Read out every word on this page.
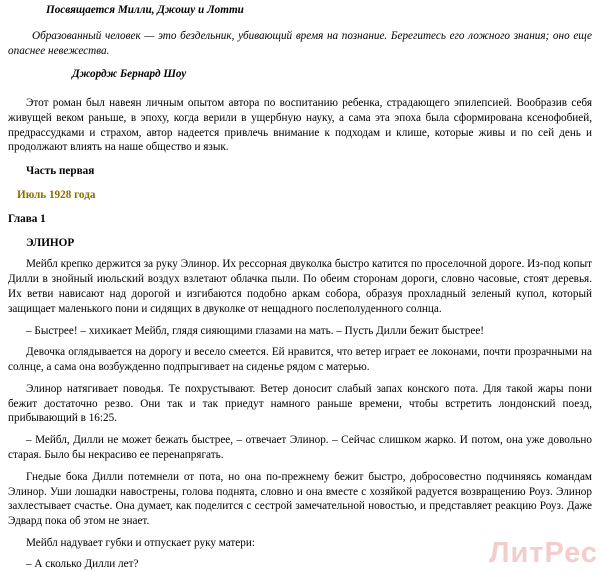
Посвящается Милли, Джошу и Лотти

Образованный человек — это бездельник, убивающий время на познание. Берегитесь его ложного знания; оно еще опаснее невежества.

Джордж Бернард Шоу

Этот роман был навеян личным опытом автора по воспитанию ребенка, страдающего эпилепсией. Вообразив себя живущей веком раньше, в эпоху, когда верили в ущербную науку, а сама эта эпоха была сформирована ксенофобией, предрассудками и страхом, автор надеется привлечь внимание к подходам и клише, которые живы и по сей день и продолжают влиять на наше общество и язык.

Часть первая

Июль 1928 года

Глава 1

ЭЛИНОР

Мейбл крепко держится за руку Элинор. Их рессорная двуколка быстро катится по проселочной дороге. Из-под копыт Дилли в знойный июльский воздух взлетают облачка пыли. По обеим сторонам дороги, словно часовые, стоят деревья. Их ветви нависают над дорогой и изгибаются подобно аркам собора, образуя прохладный зеленый купол, который защищает маленького пони и сидящих в двуколке от нещадного послеполуденного солнца.

– Быстрее! – хихикает Мейбл, глядя сияющими глазами на мать. – Пусть Дилли бежит быстрее!

Девочка оглядывается на дорогу и весело смеется. Ей нравится, что ветер играет ее локонами, почти прозрачными на солнце, а сама она возбужденно подпрыгивает на сиденье рядом с матерью.

Элинор натягивает поводья. Те похрустывают. Ветер доносит слабый запах конского пота. Для такой жары пони бежит достаточно резво. Они так и так приедут намного раньше времени, чтобы встретить лондонский поезд, прибывающий в 16:25.

– Мейбл, Дилли не может бежать быстрее, – отвечает Элинор. – Сейчас слишком жарко. И потом, она уже довольно старая. Было бы некрасиво ее перенапрягать.

Гнедые бока Дилли потемнели от пота, но она по-прежнему бежит быстро, добросовестно подчиняясь командам Элинор. Уши лошадки навострены, голова поднята, словно и она вместе с хозяйкой радуется возвращению Роуз. Элинор захлестывает счастье. Она думает, как поделится с сестрой замечательной новостью, и представляет реакцию Роуз. Даже Эдвард пока об этом не знает.

Мейбл надувает губки и отпускает руку матери:

– А сколько Дилли лет?	ЛитРес
